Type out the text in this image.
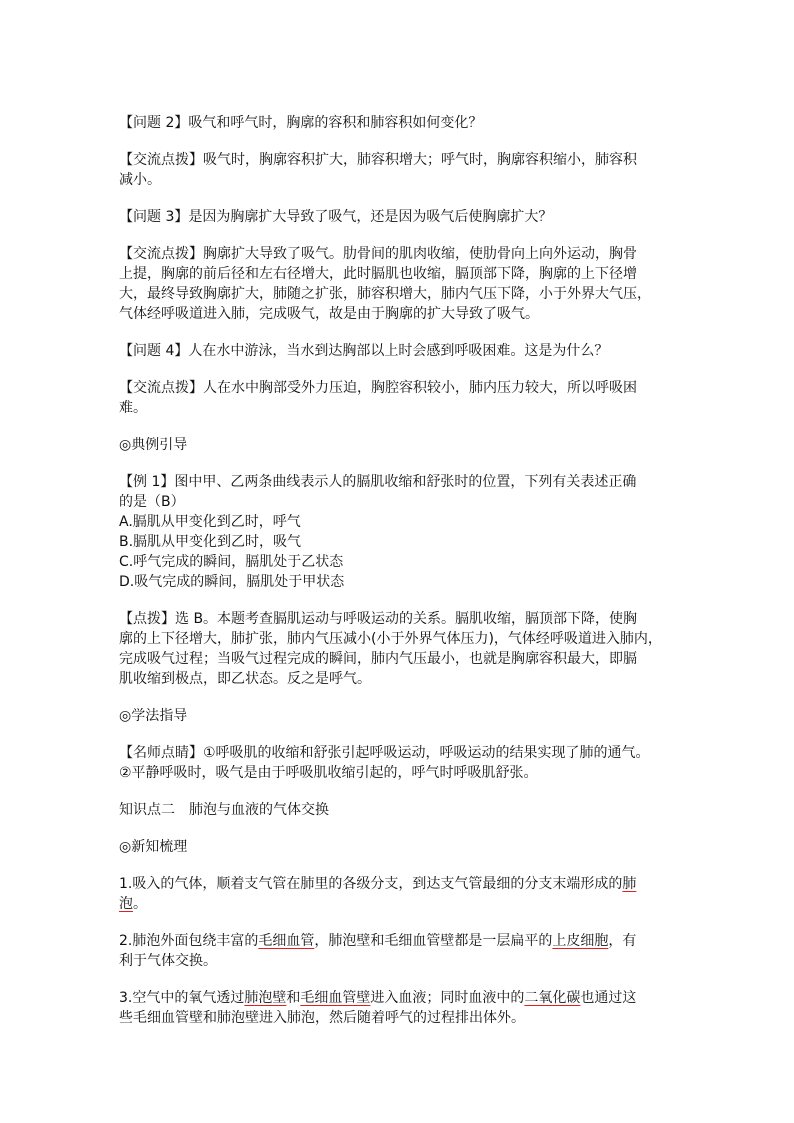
【问题 2】吸气和呼气时，胸廓的容积和肺容积如何变化？

【交流点拨】吸气时，胸廓容积扩大，肺容积增大；呼气时，胸廓容积缩小，肺容积
减小。

【问题 3】是因为胸廓扩大导致了吸气，还是因为吸气后使胸廓扩大？

【交流点拨】胸廓扩大导致了吸气。肋骨间的肌肉收缩，使肋骨向上向外运动，胸骨
上提，胸廓的前后径和左右径增大，此时膈肌也收缩，膈顶部下降，胸廓的上下径增
大，最终导致胸廓扩大，肺随之扩张，肺容积增大，肺内气压下降，小于外界大气压，
气体经呼吸道进入肺，完成吸气，故是由于胸廓的扩大导致了吸气。

【问题 4】人在水中游泳，当水到达胸部以上时会感到呼吸困难。这是为什么？

【交流点拨】人在水中胸部受外力压迫，胸腔容积较小，肺内压力较大，所以呼吸困
难。

◎典例引导

【例 1】图中甲、乙两条曲线表示人的膈肌收缩和舒张时的位置，下列有关表述正确
的是（B）
A.膈肌从甲变化到乙时，呼气
B.膈肌从甲变化到乙时，吸气
C.呼气完成的瞬间，膈肌处于乙状态
D.吸气完成的瞬间，膈肌处于甲状态

【点拨】选 B。本题考查膈肌运动与呼吸运动的关系。膈肌收缩，膈顶部下降，使胸
廓的上下径增大，肺扩张，肺内气压减小(小于外界气体压力)，气体经呼吸道进入肺内，
完成吸气过程；当吸气过程完成的瞬间，肺内气压最小，也就是胸廓容积最大，即膈
肌收缩到极点，即乙状态。反之是呼气。

◎学法指导

【名师点睛】①呼吸肌的收缩和舒张引起呼吸运动，呼吸运动的结果实现了肺的通气。
②平静呼吸时，吸气是由于呼吸肌收缩引起的，呼气时呼吸肌舒张。

知识点二　肺泡与血液的气体交换

◎新知梳理

1.吸入的气体，顺着支气管在肺里的各级分支，到达支气管最细的分支末端形成的肺
泡。

2.肺泡外面包绕丰富的毛细血管，肺泡壁和毛细血管壁都是一层扁平的上皮细胞，有
利于气体交换。

3.空气中的氧气透过肺泡壁和毛细血管壁进入血液；同时血液中的二氧化碳也通过这
些毛细血管壁和肺泡壁进入肺泡，然后随着呼气的过程排出体外。
